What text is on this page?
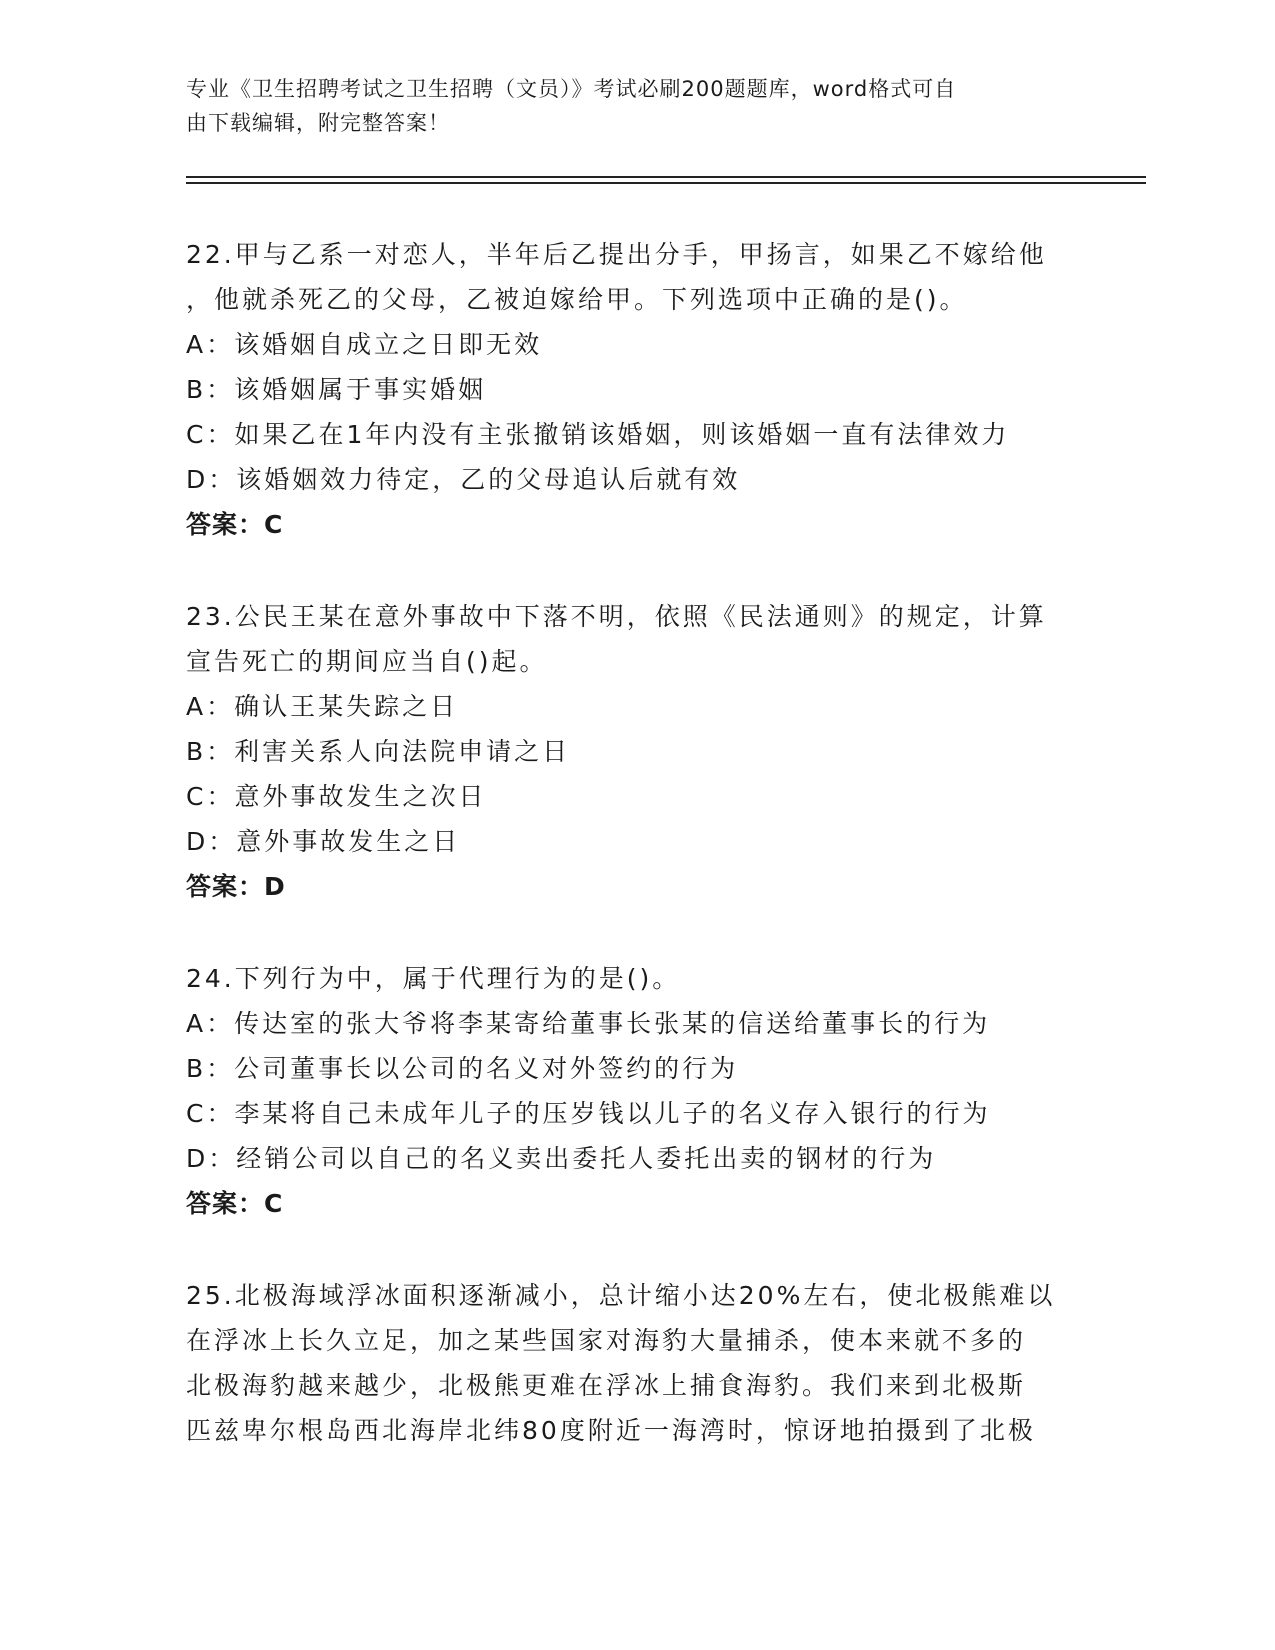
专业《卫生招聘考试之卫生招聘（文员）》考试必刷200题题库，word格式可自
由下载编辑，附完整答案！
22.甲与乙系一对恋人，半年后乙提出分手，甲扬言，如果乙不嫁给他
，他就杀死乙的父母，乙被迫嫁给甲。下列选项中正确的是()。
A：该婚姻自成立之日即无效
B：该婚姻属于事实婚姻
C：如果乙在1年内没有主张撤销该婚姻，则该婚姻一直有法律效力
D：该婚姻效力待定，乙的父母追认后就有效
答案：C
23.公民王某在意外事故中下落不明，依照《民法通则》的规定，计算
宣告死亡的期间应当自()起。
A：确认王某失踪之日
B：利害关系人向法院申请之日
C：意外事故发生之次日
D：意外事故发生之日
答案：D
24.下列行为中，属于代理行为的是()。
A：传达室的张大爷将李某寄给董事长张某的信送给董事长的行为
B：公司董事长以公司的名义对外签约的行为
C：李某将自己未成年儿子的压岁钱以儿子的名义存入银行的行为
D：经销公司以自己的名义卖出委托人委托出卖的钢材的行为
答案：C
25.北极海域浮冰面积逐渐减小，总计缩小达20%左右，使北极熊难以
在浮冰上长久立足，加之某些国家对海豹大量捕杀，使本来就不多的
北极海豹越来越少，北极熊更难在浮冰上捕食海豹。我们来到北极斯
匹兹卑尔根岛西北海岸北纬80度附近一海湾时，惊讶地拍摄到了北极
